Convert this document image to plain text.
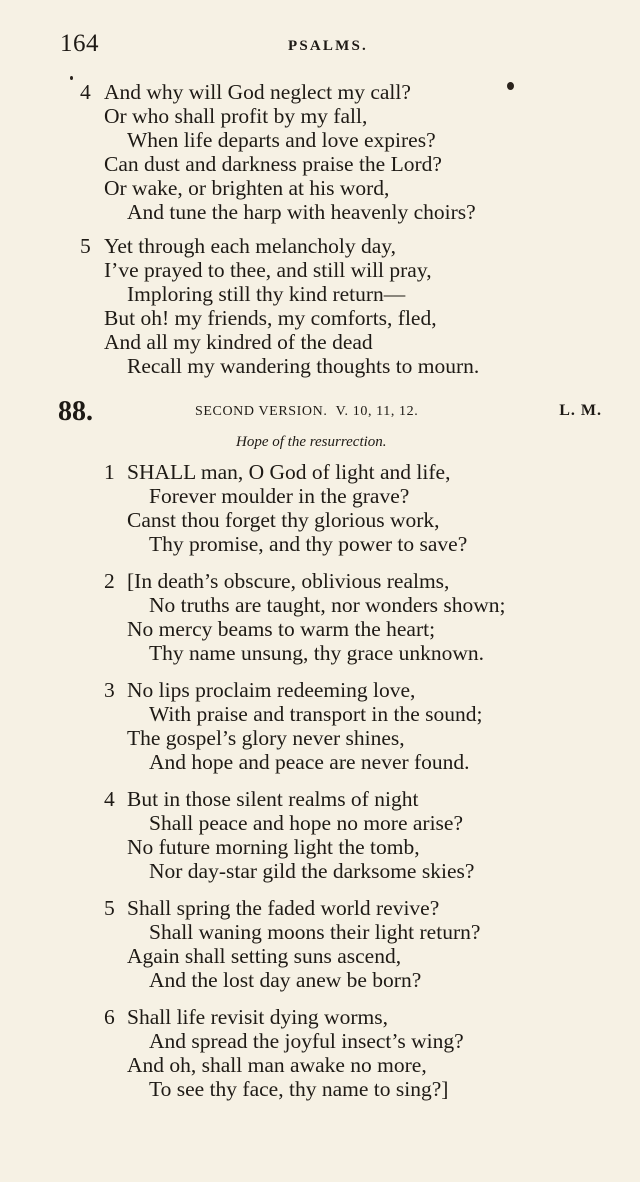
164	PSALMS.
4 And why will God neglect my call?
Or who shall profit by my fall,
When life departs and love expires?
Can dust and darkness praise the Lord?
Or wake, or brighten at his word,
And tune the harp with heavenly choirs?
5 Yet through each melancholy day,
I’ve prayed to thee, and still will pray,
Imploring still thy kind return—
But oh! my friends, my comforts, fled,
And all my kindred of the dead
Recall my wandering thoughts to mourn.
88.	SECOND VERSION. V. 10, 11, 12.	L. M.
Hope of the resurrection.
1 SHALL man, O God of light and life,
Forever moulder in the grave?
Canst thou forget thy glorious work,
Thy promise, and thy power to save?
2 [In death’s obscure, oblivious realms,
No truths are taught, nor wonders shown;
No mercy beams to warm the heart;
Thy name unsung, thy grace unknown.
3 No lips proclaim redeeming love,
With praise and transport in the sound;
The gospel’s glory never shines,
And hope and peace are never found.
4 But in those silent realms of night
Shall peace and hope no more arise?
No future morning light the tomb,
Nor day-star gild the darksome skies?
5 Shall spring the faded world revive?
Shall waning moons their light return?
Again shall setting suns ascend,
And the lost day anew be born?
6 Shall life revisit dying worms,
And spread the joyful insect’s wing?
And oh, shall man awake no more,
To see thy face, thy name to sing?]
